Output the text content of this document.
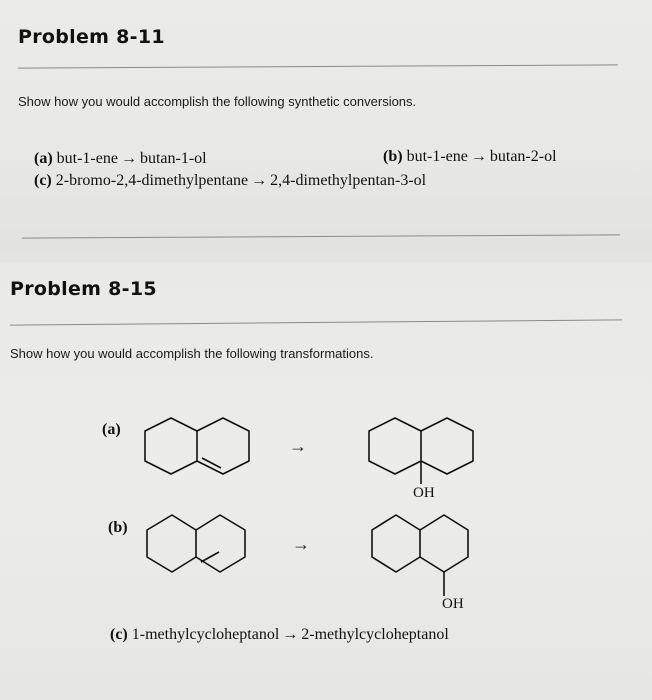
Problem 8-11
Show how you would accomplish the following synthetic conversions.
(a) but-1-ene → butan-1-ol	(b) but-1-ene → butan-2-ol
(c) 2-bromo-2,4-dimethylpentane → 2,4-dimethylpentan-3-ol
Problem 8-15
Show how you would accomplish the following transformations.
(a)
→
OH
(b)
→
OH
(c) 1-methylcycloheptanol → 2-methylcycloheptanol
